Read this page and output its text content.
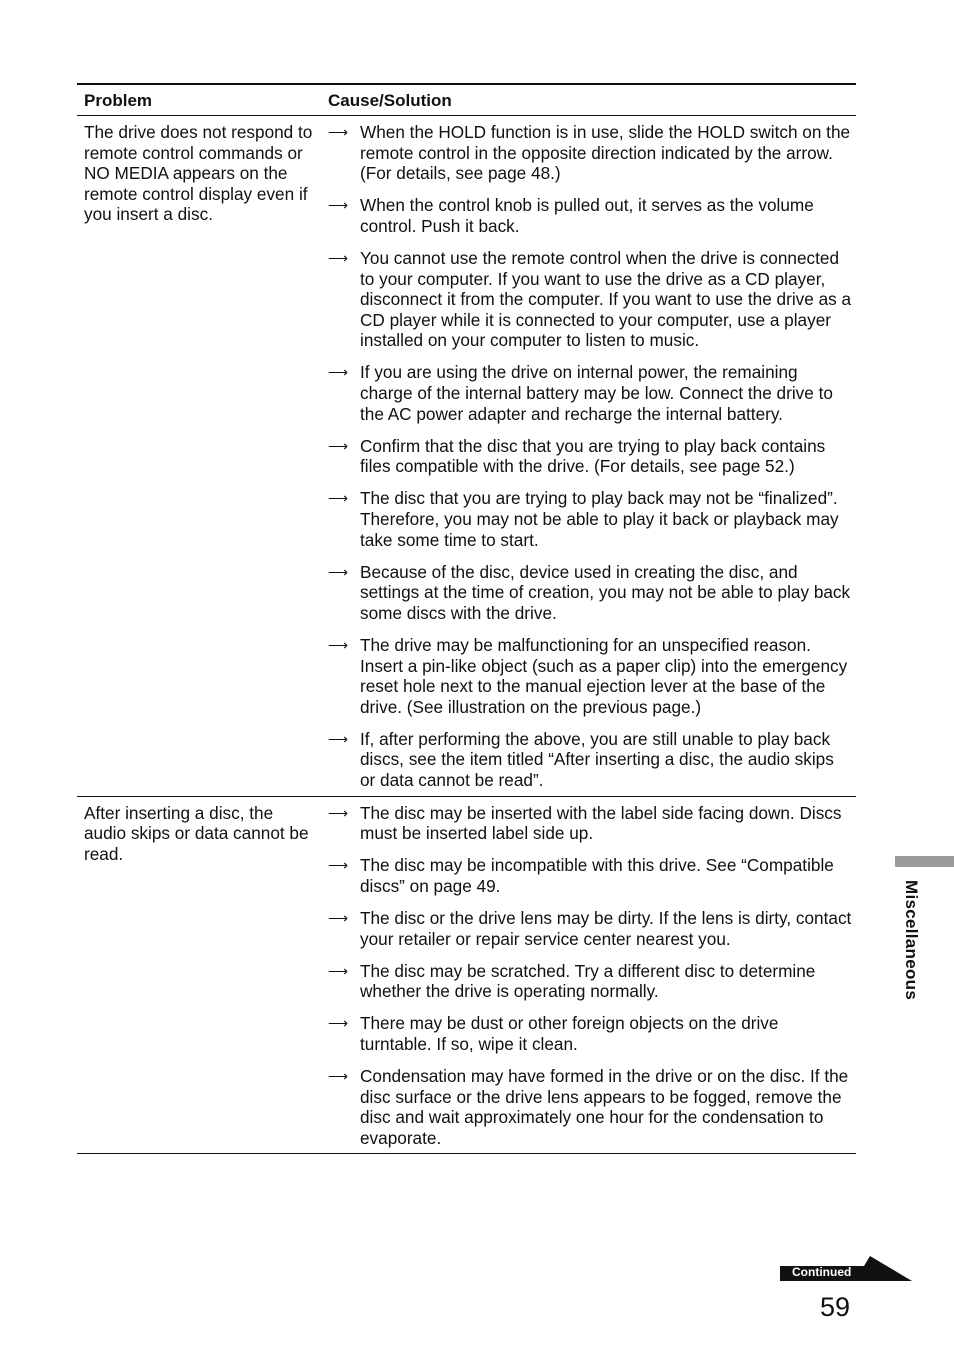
Problem	Cause/Solution
The drive does not respond to remote control commands or NO MEDIA appears on the remote control display even if you insert a disc.
⟶ When the HOLD function is in use, slide the HOLD switch on the remote control in the opposite direction indicated by the arrow. (For details, see page 48.)
⟶ When the control knob is pulled out, it serves as the volume control. Push it back.
⟶ You cannot use the remote control when the drive is connected to your computer. If you want to use the drive as a CD player, disconnect it from the computer. If you want to use the drive as a CD player while it is connected to your computer, use a player installed on your computer to listen to music.
⟶ If you are using the drive on internal power, the remaining charge of the internal battery may be low. Connect the drive to the AC power adapter and recharge the internal battery.
⟶ Confirm that the disc that you are trying to play back contains files compatible with the drive. (For details, see page 52.)
⟶ The disc that you are trying to play back may not be “finalized”. Therefore, you may not be able to play it back or playback may take some time to start.
⟶ Because of the disc, device used in creating the disc, and settings at the time of creation, you may not be able to play back some discs with the drive.
⟶ The drive may be malfunctioning for an unspecified reason. Insert a pin-like object (such as a paper clip) into the emergency reset hole next to the manual ejection lever at the base of the drive. (See illustration on the previous page.)
⟶ If, after performing the above, you are still unable to play back discs, see the item titled “After inserting a disc, the audio skips or data cannot be read”.
After inserting a disc, the audio skips or data cannot be read.
⟶ The disc may be inserted with the label side facing down. Discs must be inserted label side up.
⟶ The disc may be incompatible with this drive. See “Compatible discs” on page 49.
⟶ The disc or the drive lens may be dirty. If the lens is dirty, contact your retailer or repair service center nearest you.
⟶ The disc may be scratched. Try a different disc to determine whether the drive is operating normally.
⟶ There may be dust or other foreign objects on the drive turntable. If so, wipe it clean.
⟶ Condensation may have formed in the drive or on the disc. If the disc surface or the drive lens appears to be fogged, remove the disc and wait approximately one hour for the condensation to evaporate.
Miscellaneous
Continued
59
